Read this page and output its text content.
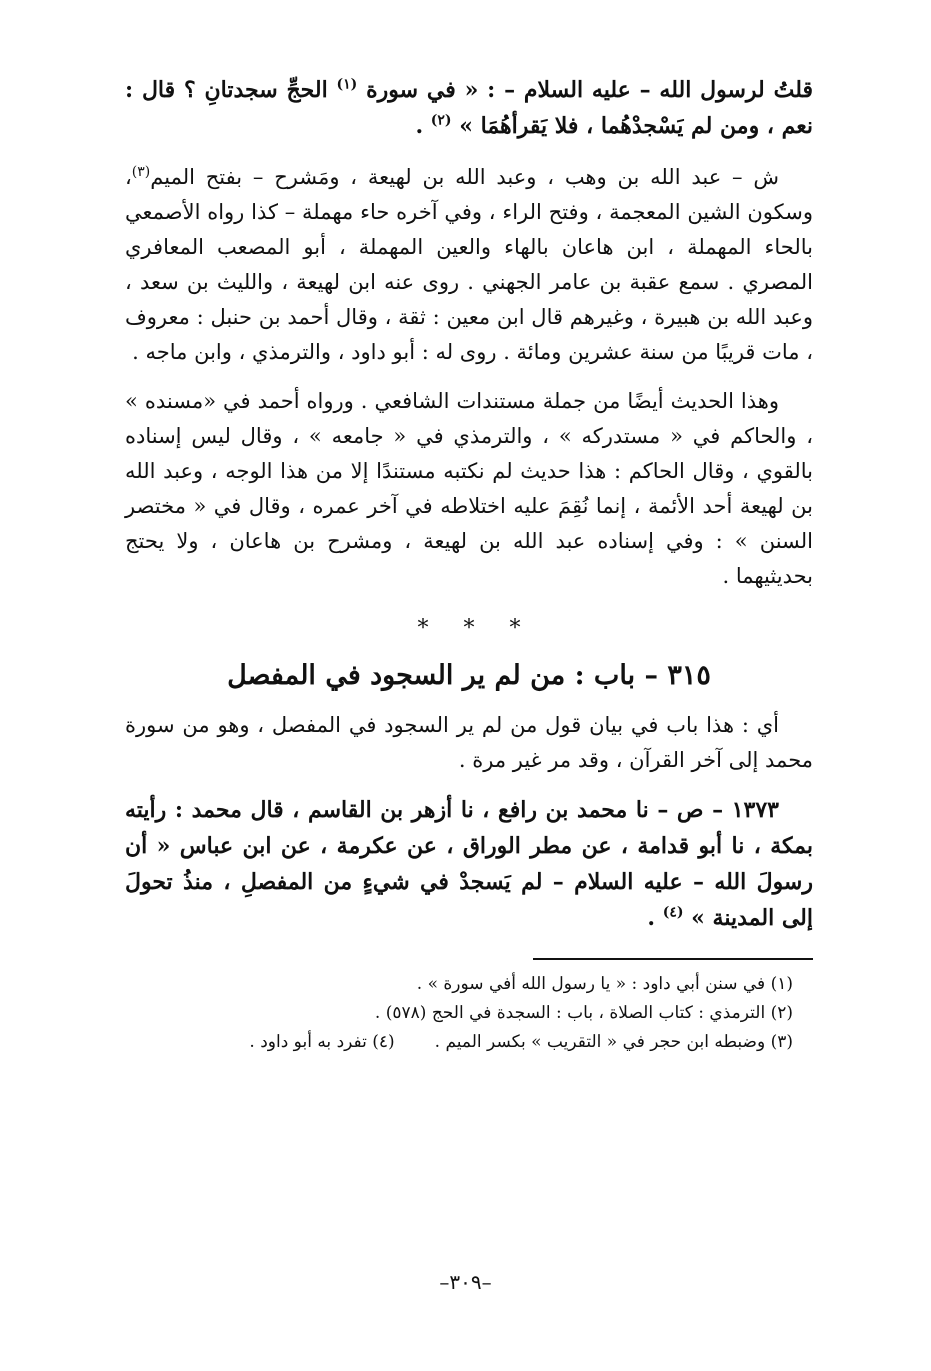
قلتُ لرسول الله – عليه السلام – : « في سورة $^{(١)}$ الحجِّ سجدتانِ ؟ قال : نعم ، ومن لم يَسْجدْهُما ، فلا يَقرأهُمَا » $^{(٢)}$ .

ش – عبد الله بن وهب ، وعبد الله بن لهيعة ، ومَشرح – بفتح الميم$^{(٣)}$، وسكون الشين المعجمة ، وفتح الراء ، وفي آخره حاء مهملة – كذا رواه الأصمعي بالحاء المهملة ، ابن هاعان بالهاء والعين المهملة ، أبو المصعب المعافري المصري . سمع عقبة بن عامر الجهني . روى عنه ابن لهيعة ، والليث بن سعد ، وعبد الله بن هبيرة ، وغيرهم قال ابن معين : ثقة ، وقال أحمد بن حنبل : معروف ، مات قريبًا من سنة عشرين ومائة . روى له : أبو داود ، والترمذي ، وابن ماجه .

وهذا الحديث أيضًا من جملة مستندات الشافعي . ورواه أحمد في «مسنده » ، والحاكم في « مستدركه » ، والترمذي في « جامعه » ، وقال ليس إسناده بالقوي ، وقال الحاكم : هذا حديث لم نكتبه مستندًا إلا من هذا الوجه ، وعبد الله بن لهيعة أحد الأئمة ، إنما نُقِمَ عليه اختلاطه في آخر عمره ، وقال في « مختصر السنن » : وفي إسناده عبد الله بن لهيعة ، ومشرح بن هاعان ، ولا يحتج بحديثيهما .

* * *
٣١٥ – باب : من لم ير السجود في المفصل

أي : هذا باب في بيان قول من لم ير السجود في المفصل ، وهو من سورة محمد إلى آخر القرآن ، وقد مر غير مرة .

١٣٧٣ – ص – نا محمد بن رافع ، نا أزهر بن القاسم ، قال محمد : رأيته بمكة ، نا أبو قدامة ، عن مطر الوراق ، عن عكرمة ، عن ابن عباس « أن رسولَ الله – عليه السلام – لم يَسجدْ في شيءٍ من المفصلِ ، منذُ تحولَ إلى المدينة » $^{(٤)}$ .

(١) في سنن أبي داود : « يا رسول الله أفي سورة » .
(٢) الترمذي : كتاب الصلاة ، باب : السجدة في الحج (٥٧٨) .
(٣) وضبطه ابن حجر في « التقريب » بكسر الميم .(٤) تفرد به أبو داود .
–٣٠٩–
